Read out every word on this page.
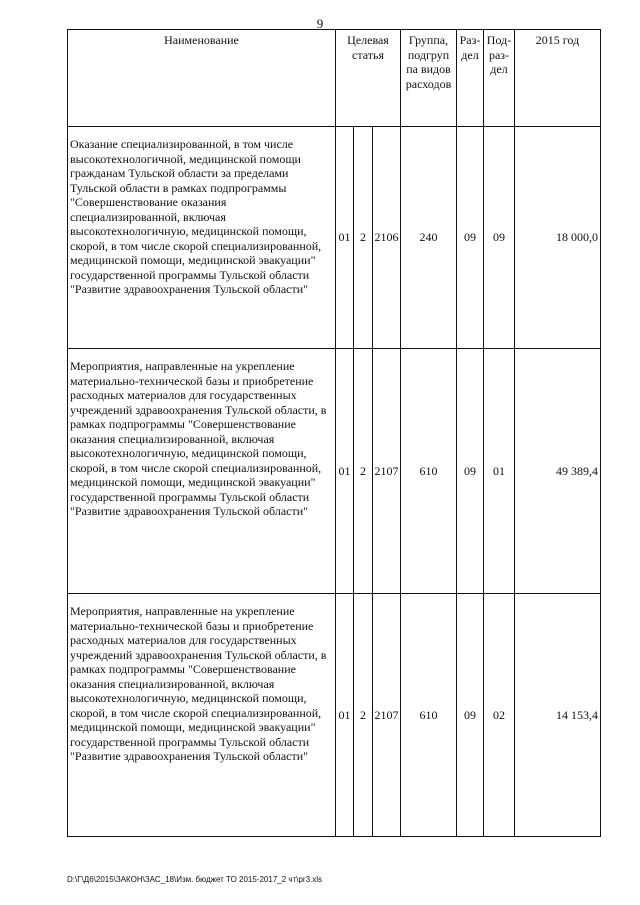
9
Наименование	Целевая статья			Группа, подгруп па видов расходов	Раз- дел	Под- раз- дел	2015 год
Оказание специализированной, в том числе высокотехнологичной, медицинской помощи гражданам Тульской области за пределами Тульской области в рамках подпрограммы "Совершенствование оказания специализированной, включая высокотехнологичную, медицинской помощи, скорой, в том числе скорой специализированной, медицинской помощи, медицинской эвакуации" государственной программы Тульской области "Развитие здравоохранения Тульской области"	01	2	2106	240	09	09	18 000,0
Мероприятия, направленные на укрепление материально-технической базы и приобретение расходных материалов для государственных учреждений здравоохранения Тульской области, в рамках подпрограммы "Совершенствование оказания специализированной, включая высокотехнологичную, медицинской помощи, скорой, в том числе скорой специализированной, медицинской помощи, медицинской эвакуации" государственной программы Тульской области "Развитие здравоохранения Тульской области"	01	2	2107	610	09	01	49 389,4
Мероприятия, направленные на укрепление материально-технической базы и приобретение расходных материалов для государственных учреждений здравоохранения Тульской области, в рамках подпрограммы "Совершенствование оказания специализированной, включая высокотехнологичную, медицинской помощи, скорой, в том числе скорой специализированной, медицинской помощи, медицинской эвакуации" государственной программы Тульской области "Развитие здравоохранения Тульской области"	01	2	2107	610	09	02	14 153,4
D:\Г\Д6\2015\ЗАКОН\ЗАС_18\Изм. бюджет ТО 2015-2017_2 чт\pr3.xls
